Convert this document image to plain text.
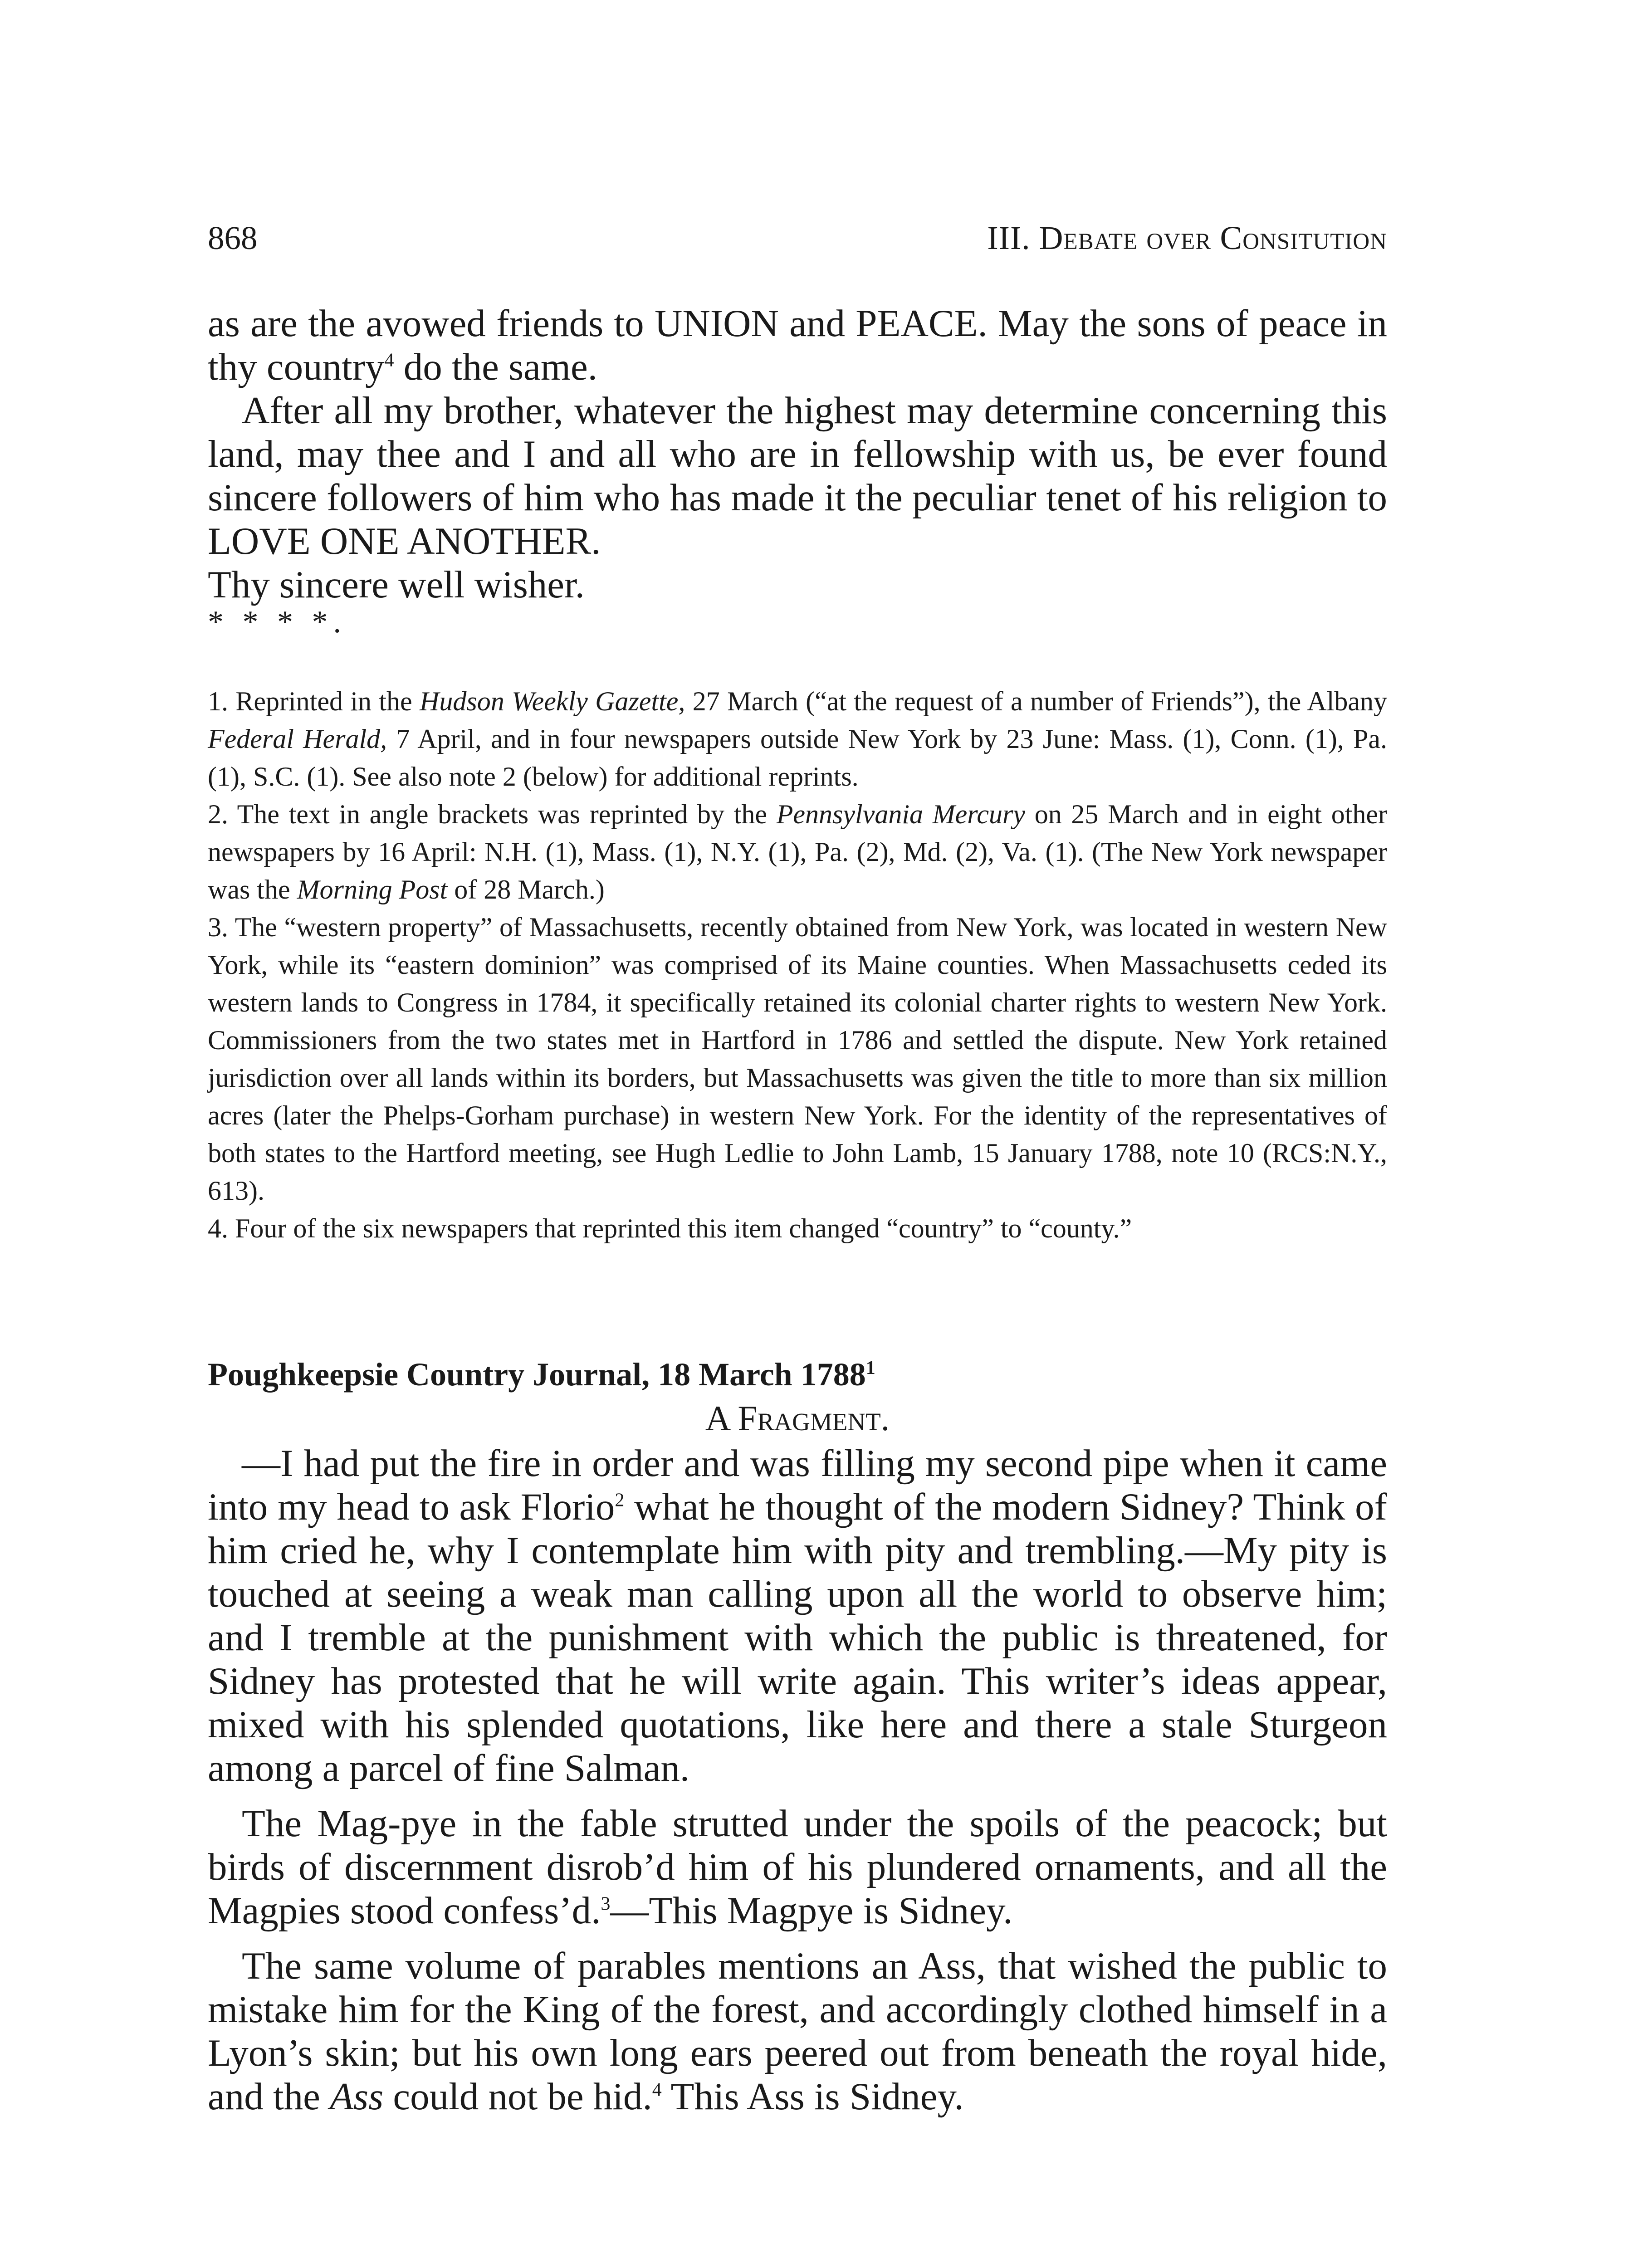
868	III. Debate over Consitution

as are the avowed friends to UNION and PEACE. May the sons of peace in thy country$^4$ do the same.

After all my brother, whatever the highest may determine concerning this land, may thee and I and all who are in fellowship with us, be ever found sincere followers of him who has made it the peculiar tenet of his religion to LOVE ONE ANOTHER.

Thy sincere well wisher.

* * * *.

1. Reprinted in the Hudson Weekly Gazette, 27 March (“at the request of a number of Friends”), the Albany Federal Herald, 7 April, and in four newspapers outside New York by 23 June: Mass. (1), Conn. (1), Pa. (1), S.C. (1). See also note 2 (below) for additional reprints.

2. The text in angle brackets was reprinted by the Pennsylvania Mercury on 25 March and in eight other newspapers by 16 April: N.H. (1), Mass. (1), N.Y. (1), Pa. (2), Md. (2), Va. (1). (The New York newspaper was the Morning Post of 28 March.)

3. The “western property” of Massachusetts, recently obtained from New York, was located in western New York, while its “eastern dominion” was comprised of its Maine counties. When Massachusetts ceded its western lands to Congress in 1784, it specifically retained its colonial charter rights to western New York. Commissioners from the two states met in Hartford in 1786 and settled the dispute. New York retained jurisdiction over all lands within its borders, but Massachusetts was given the title to more than six million acres (later the Phelps-Gorham purchase) in western New York. For the identity of the representatives of both states to the Hartford meeting, see Hugh Ledlie to John Lamb, 15 January 1788, note 10 (RCS:N.Y., 613).

4. Four of the six newspapers that reprinted this item changed “country” to “county.”

Poughkeepsie Country Journal, 18 March 1788$^1$
A Fragment.

—I had put the fire in order and was filling my second pipe when it came into my head to ask Florio$^2$ what he thought of the modern Sidney? Think of him cried he, why I contemplate him with pity and trembling.—My pity is touched at seeing a weak man calling upon all the world to observe him; and I tremble at the punishment with which the public is threatened, for Sidney has protested that he will write again. This writer’s ideas appear, mixed with his splended quotations, like here and there a stale Sturgeon among a parcel of fine Salman.

The Mag-pye in the fable strutted under the spoils of the peacock; but birds of discernment disrob’d him of his plundered ornaments, and all the Magpies stood confess’d.$^3$—This Magpye is Sidney.

The same volume of parables mentions an Ass, that wished the public to mistake him for the King of the forest, and accordingly clothed himself in a Lyon’s skin; but his own long ears peered out from beneath the royal hide, and the Ass could not be hid.$^4$ This Ass is Sidney.
